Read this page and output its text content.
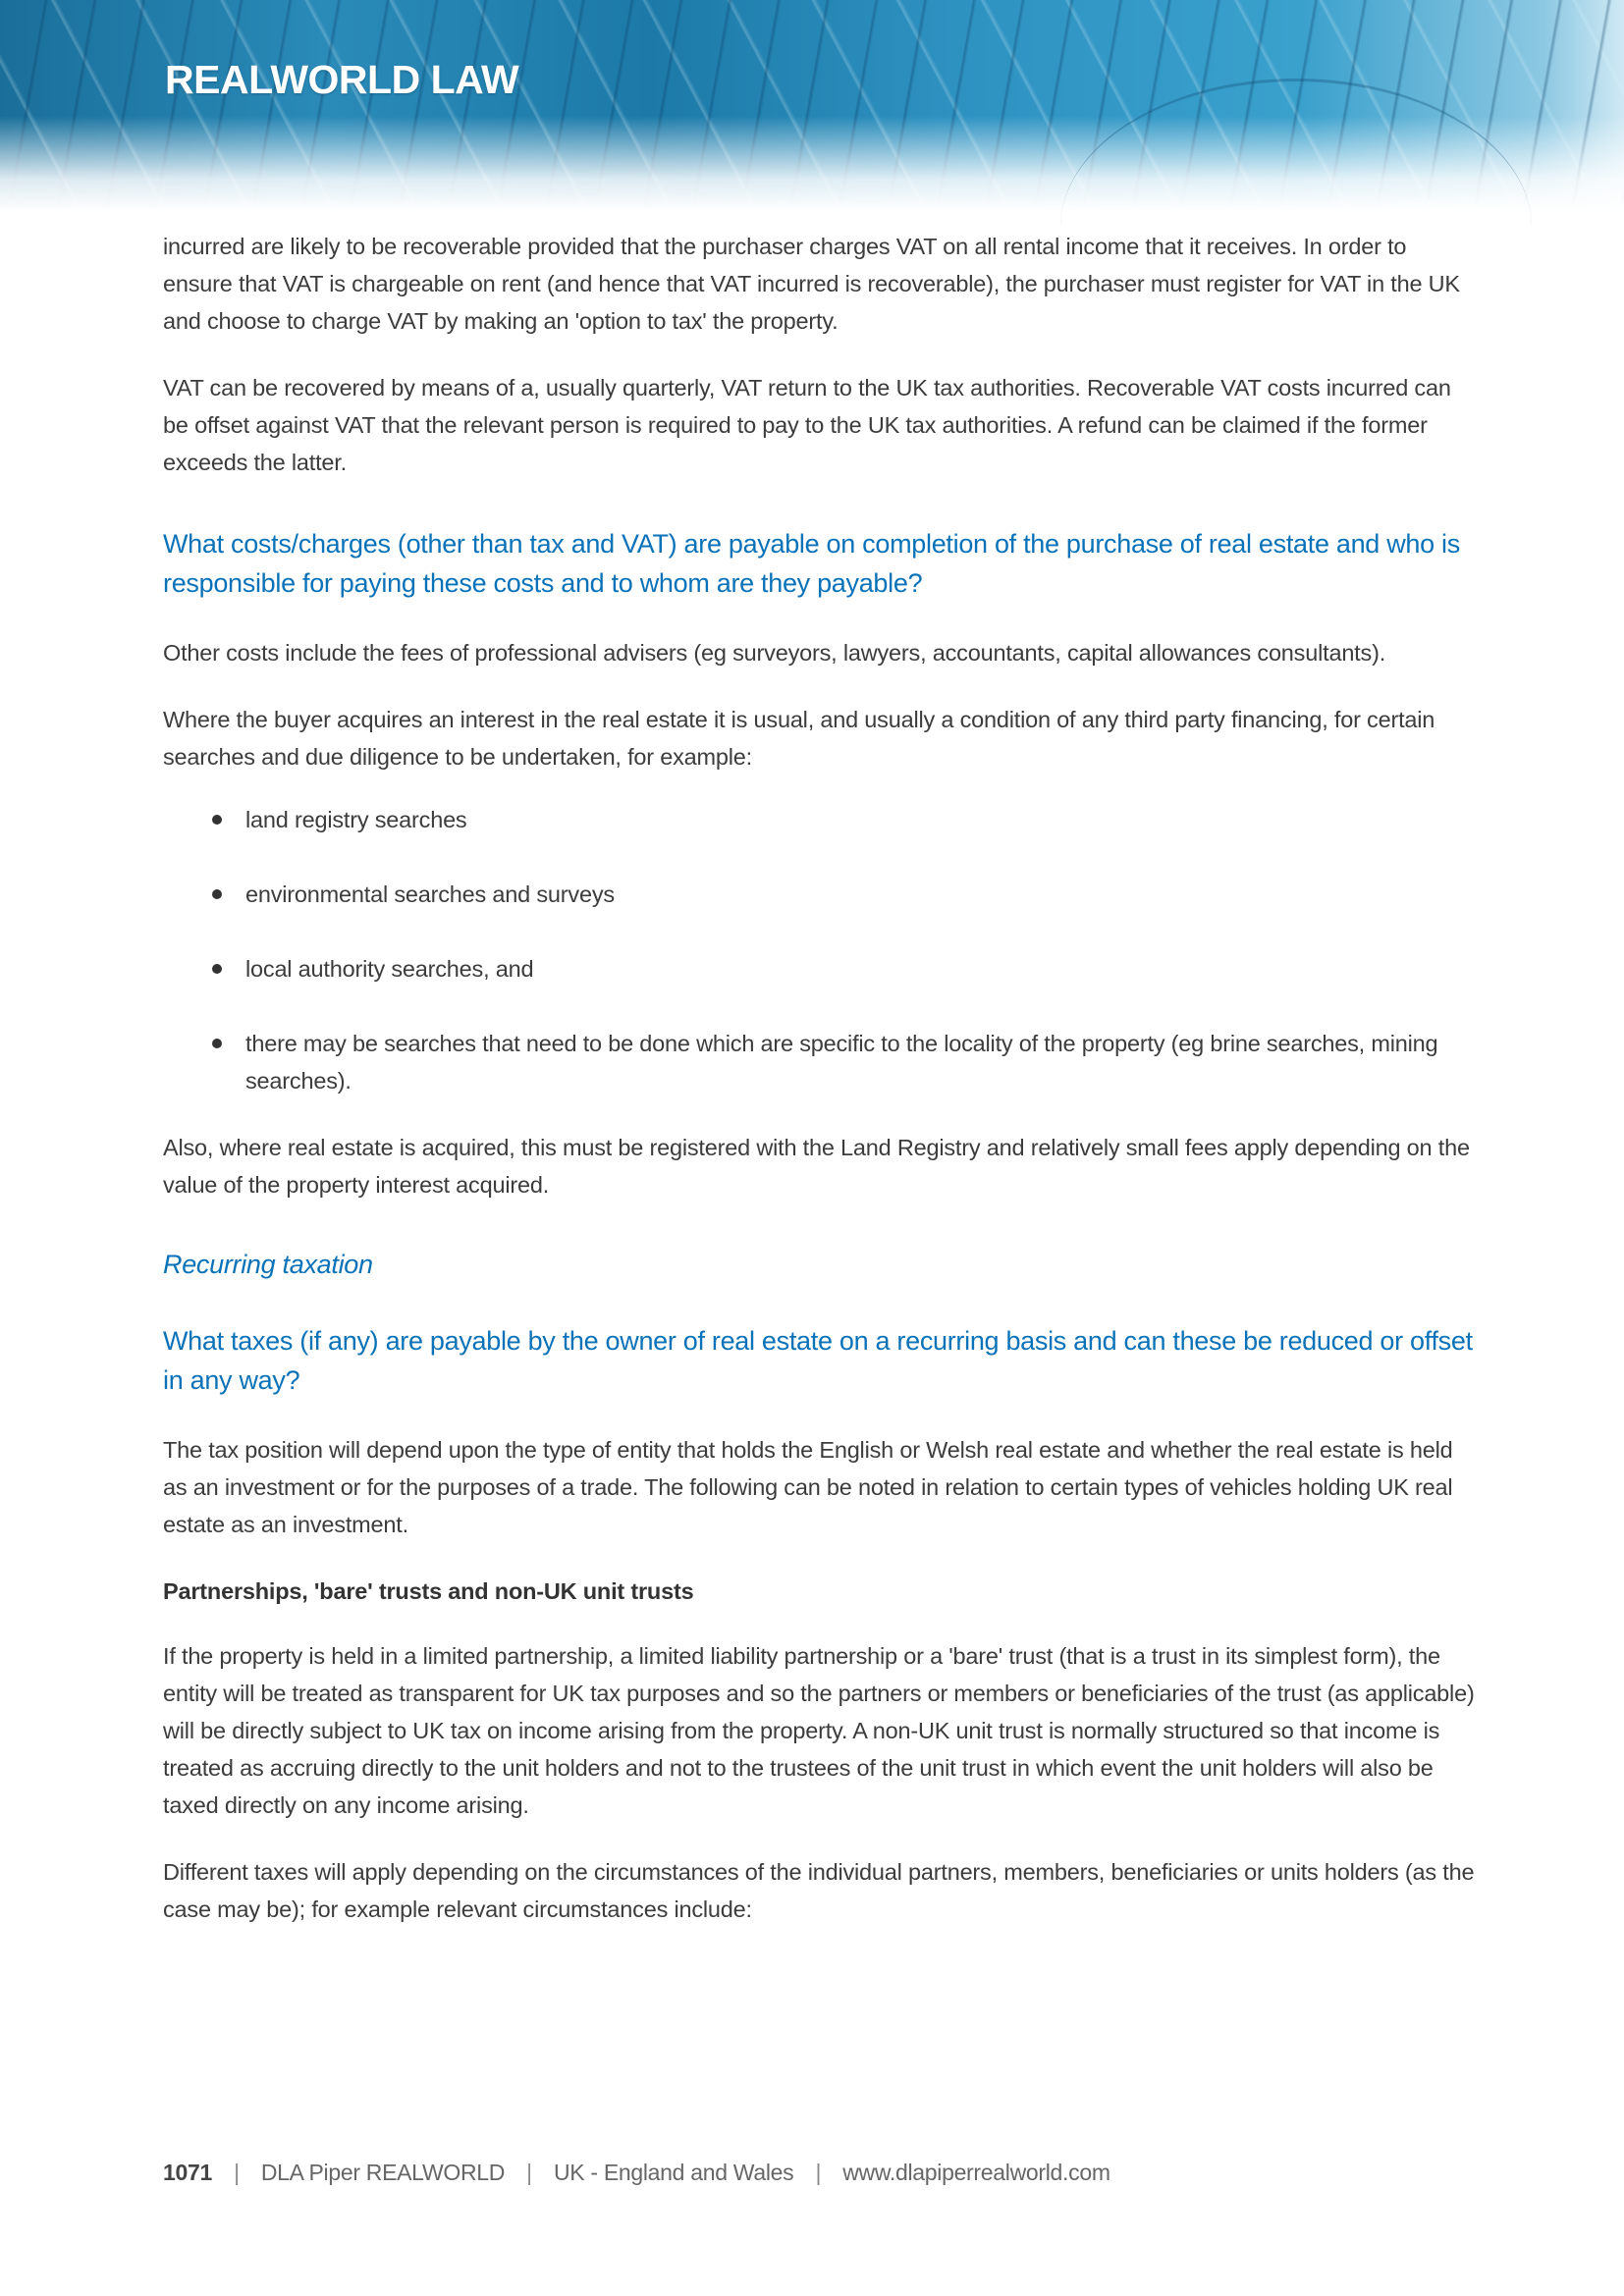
REALWORLD LAW

incurred are likely to be recoverable provided that the purchaser charges VAT on all rental income that it receives. In order to ensure that VAT is chargeable on rent (and hence that VAT incurred is recoverable), the purchaser must register for VAT in the UK and choose to charge VAT by making an 'option to tax' the property.

VAT can be recovered by means of a, usually quarterly, VAT return to the UK tax authorities. Recoverable VAT costs incurred can be offset against VAT that the relevant person is required to pay to the UK tax authorities. A refund can be claimed if the former exceeds the latter.

What costs/charges (other than tax and VAT) are payable on completion of the purchase of real estate and who is responsible for paying these costs and to whom are they payable?

Other costs include the fees of professional advisers (eg surveyors, lawyers, accountants, capital allowances consultants).

Where the buyer acquires an interest in the real estate it is usual, and usually a condition of any third party financing, for certain searches and due diligence to be undertaken, for example:

land registry searches
environmental searches and surveys
local authority searches, and
there may be searches that need to be done which are specific to the locality of the property (eg brine searches, mining searches).

Also, where real estate is acquired, this must be registered with the Land Registry and relatively small fees apply depending on the value of the property interest acquired.

Recurring taxation
What taxes (if any) are payable by the owner of real estate on a recurring basis and can these be reduced or offset in any way?

The tax position will depend upon the type of entity that holds the English or Welsh real estate and whether the real estate is held as an investment or for the purposes of a trade. The following can be noted in relation to certain types of vehicles holding UK real estate as an investment.

Partnerships, 'bare' trusts and non-UK unit trusts

If the property is held in a limited partnership, a limited liability partnership or a 'bare' trust (that is a trust in its simplest form), the entity will be treated as transparent for UK tax purposes and so the partners or members or beneficiaries of the trust (as applicable) will be directly subject to UK tax on income arising from the property. A non-UK unit trust is normally structured so that income is treated as accruing directly to the unit holders and not to the trustees of the unit trust in which event the unit holders will also be taxed directly on any income arising.

Different taxes will apply depending on the circumstances of the individual partners, members, beneficiaries or units holders (as the case may be); for example relevant circumstances include:

1071 | DLA Piper REALWORLD | UK - England and Wales | www.dlapiperrealworld.com
